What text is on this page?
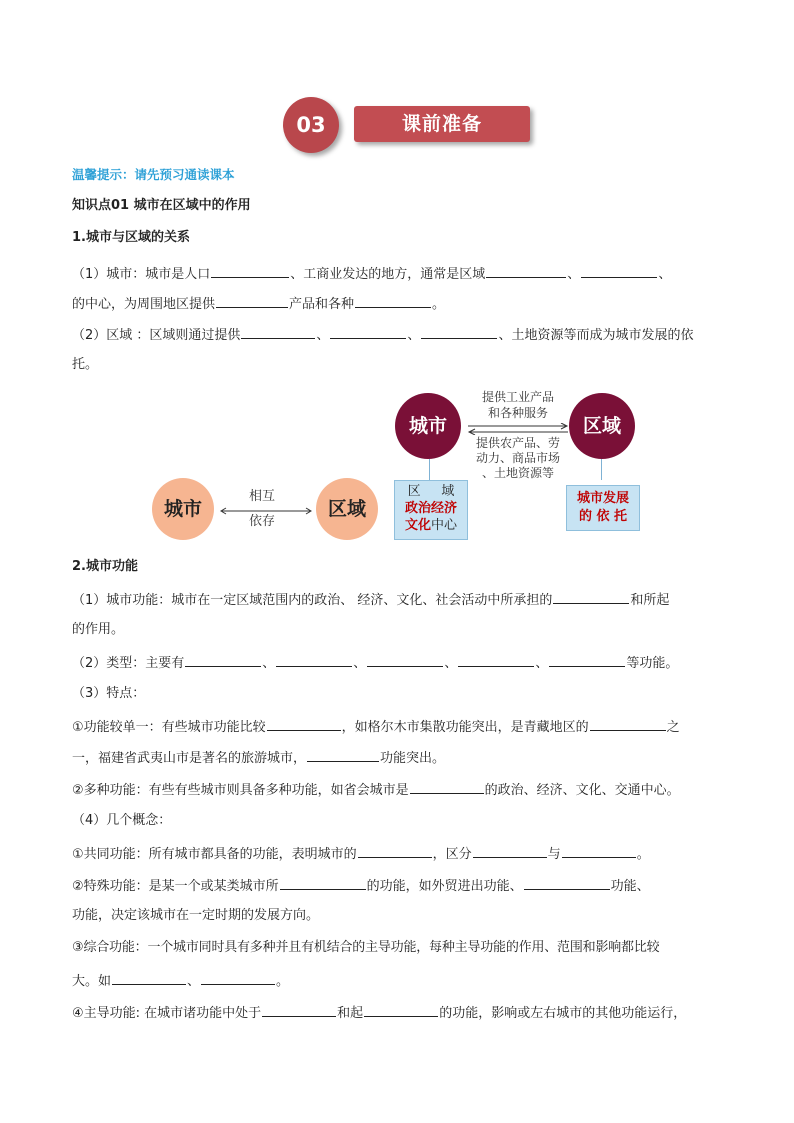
03	课前准备
温馨提示：请先预习通读课本
知识点01 城市在区域中的作用
1.城市与区域的关系
（1）城市：城市是人口	、工商业发达的地方，通常是区域	、	、
的中心，为周围地区提供	产品和各种	。
（2）区域 ：区域则通过提供	、	、	、土地资源等而成为城市发展的依
托。
城市	区域
相互
依存
城市	区域
提供工业产品
和各种服务
提供农产品、劳
动力、商品市场
、土地资源等
区 域
政治经济
文化中心
城市发展
的 依 托
2.城市功能
（1）城市功能：城市在一定区域范围内的政治、 经济、文化、社会活动中所承担的	和所起
的作用。
（2）类型：主要有	、	、	、	、	等功能。
（3）特点：
①功能较单一：有些城市功能比较	，如格尔木市集散功能突出，是青藏地区的	之
一，福建省武夷山市是著名的旅游城市，	功能突出。
②多种功能：有些有些城市则具备多种功能，如省会城市是	的政治、经济、文化、交通中心。
（4）几个概念：
①共同功能：所有城市都具备的功能，表明城市的	，区分	与	。
②特殊功能：是某一个或某类城市所	的功能，如外贸进出功能、	功能、
功能，决定该城市在一定时期的发展方向。
③综合功能：一个城市同时具有多种并且有机结合的主导功能，每种主导功能的作用、范围和影响都比较
大。如	、	。
④主导功能: 在城市诸功能中处于	和起	的功能，影响或左右城市的其他功能运行，
